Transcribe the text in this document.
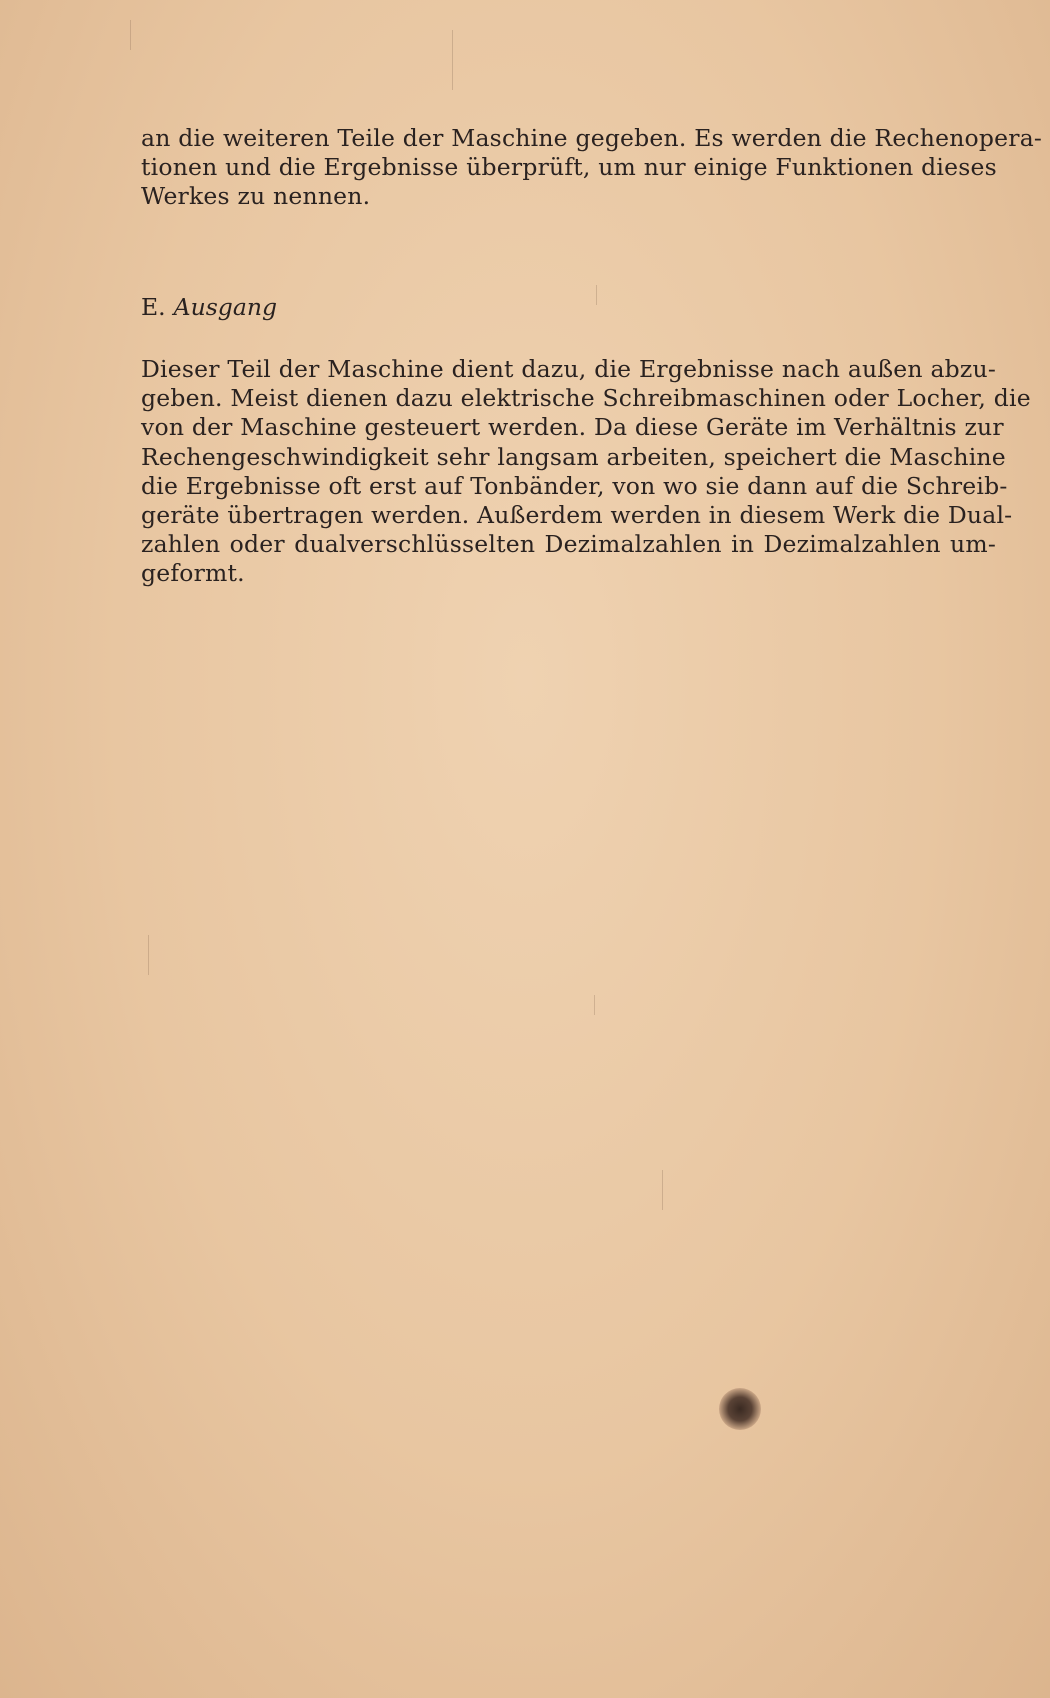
an die weiteren Teile der Maschine gegeben. Es werden die Rechenopera-
tionen und die Ergebnisse überprüft, um nur einige Funktionen dieses
Werkes zu nennen.
E. Ausgang
Dieser Teil der Maschine dient dazu, die Ergebnisse nach außen abzu-
geben. Meist dienen dazu elektrische Schreibmaschinen oder Locher, die
von der Maschine gesteuert werden. Da diese Geräte im Verhältnis zur
Rechengeschwindigkeit sehr langsam arbeiten, speichert die Maschine
die Ergebnisse oft erst auf Tonbänder, von wo sie dann auf die Schreib-
geräte übertragen werden. Außerdem werden in diesem Werk die Dual-
zahlen oder dualverschlüsselten Dezimalzahlen in Dezimalzahlen um-
geformt.
